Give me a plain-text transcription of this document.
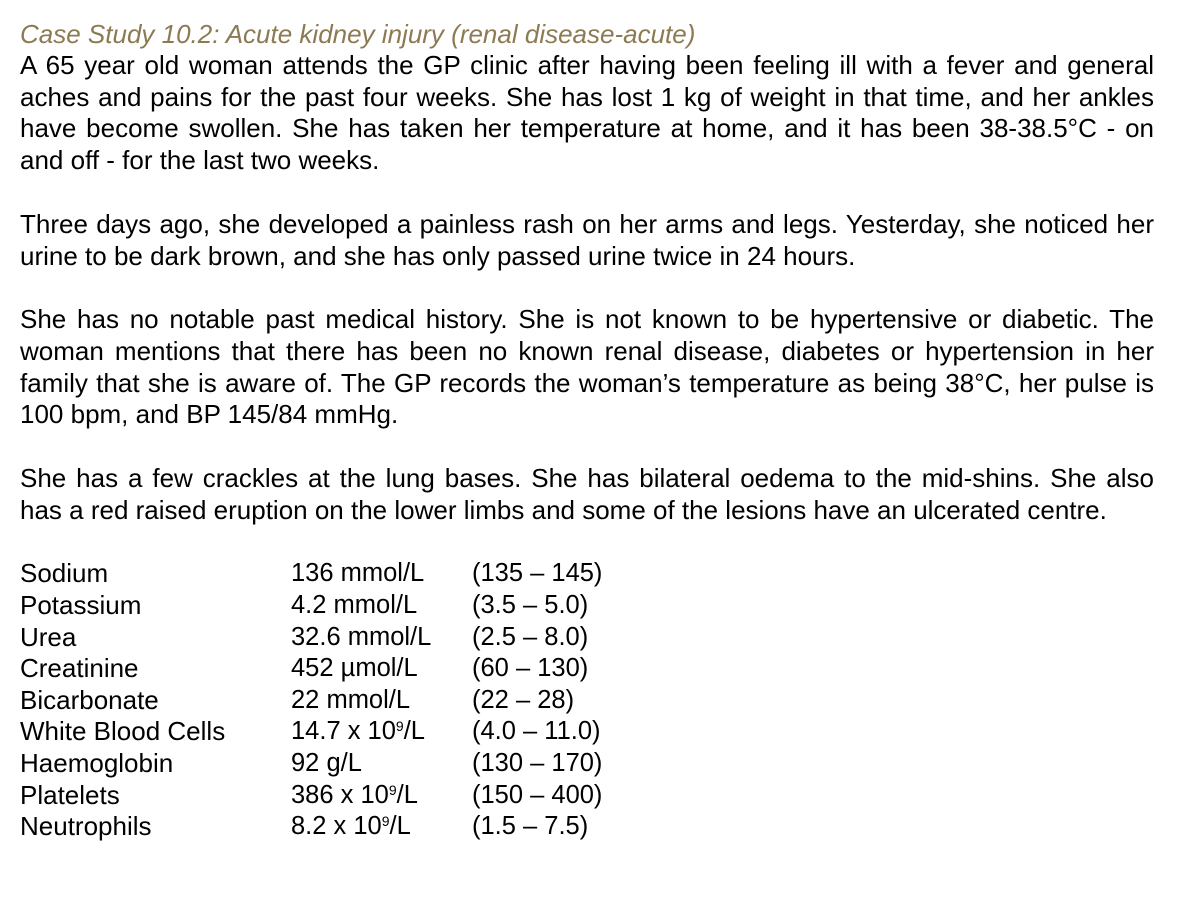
Case Study 10.2: Acute kidney injury (renal disease-acute)

A 65 year old woman attends the GP clinic after having been feeling ill with a fever and general aches and pains for the past four weeks. She has lost 1 kg of weight in that time, and her ankles have become swollen. She has taken her temperature at home, and it has been 38-38.5°C - on and off - for the last two weeks.

Three days ago, she developed a painless rash on her arms and legs. Yesterday, she noticed her urine to be dark brown, and she has only passed urine twice in 24 hours.

She has no notable past medical history. She is not known to be hypertensive or diabetic. The woman mentions that there has been no known renal disease, diabetes or hypertension in her family that she is aware of. The GP records the woman’s temperature as being 38°C, her pulse is 100 bpm, and BP 145/84 mmHg.

She has a few crackles at the lung bases. She has bilateral oedema to the mid-shins. She also has a red raised eruption on the lower limbs and some of the lesions have an ulcerated centre.

Sodium	136 mmol/L	(135 – 145)
Potassium	4.2 mmol/L	(3.5 – 5.0)
Urea	32.6 mmol/L	(2.5 – 8.0)
Creatinine	452 µmol/L	(60 – 130)
Bicarbonate	22 mmol/L	(22 – 28)
White Blood Cells	14.7 x $10^9/L$	(4.0 – 11.0)
Haemoglobin	92 g/L	(130 – 170)
Platelets	386 x $10^9/L$	(150 – 400)
Neutrophils	8.2 x $10^9/L$	(1.5 – 7.5)
